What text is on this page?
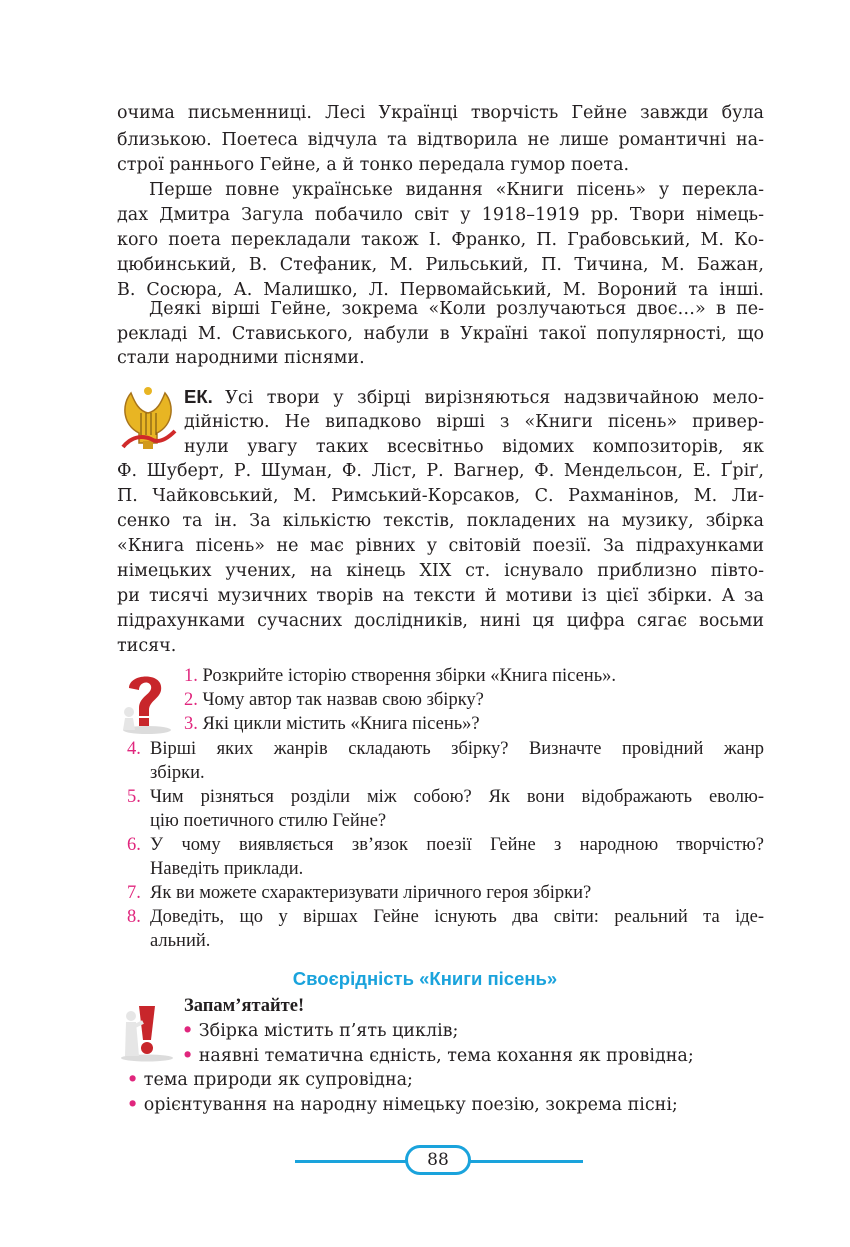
очима письменниці. Лесі Українці творчість Гейне завжди була
близькою. Поетеса відчула та відтворила не лише романтичні на-
строї раннього Гейне, а й тонко передала гумор поета.
Перше повне українське видання «Книги пісень» у переклa-
дах Дмитра Загула побачило світ у 1918–1919 рр. Твори німець-
кого поета перекладали також І. Франко, П. Грабовський, М. Ко-
цюбинський, В. Стефаник, М. Рильський, П. Тичина, М. Бажан,
В. Сосюра, А. Малишко, Л. Первомайський, М. Вороний та інші.
Деякі вірші Гейне, зокрема «Коли розлучаються двоє…» в пе-
рекладі М. Стависького, набули в Україні такої популярності, що
стали народними піснями.
ЕК. Усі твори у збірці вирізняються надзвичайною мело-
дійністю. Не випадково вірші з «Книги пісень» привер-
нули увагу таких всесвітньо відомих композиторів, як
Ф. Шуберт, Р. Шуман, Ф. Ліст, Р. Вагнер, Ф. Мендельсон, Е. Ґріґ,
П. Чайковський, М. Римський-Корсаков, С. Рахманінов, М. Ли-
сенко та ін. За кількістю текстів, покладених на музику, збірка
«Книга пісень» не має рівних у світовій поезії. За підрахунками
німецьких учених, на кінець ХІХ ст. існувало приблизно півто-
ри тисячі музичних творів на тексти й мотиви із цієї збірки. А за
підрахунками сучасних дослідників, нині ця цифра сягає восьми
тисяч.
1. Розкрийте історію створення збірки «Книга пісень».
2. Чому автор так назвав свою збірку?
3. Які цикли містить «Книга пісень»?
4. Вірші яких жанрів складають збірку? Визначте провідний жанр
збірки.
5. Чим різняться розділи між собою? Як вони відображають еволю-
цію поетичного стилю Гейне?
6. У чому виявляється зв’язок поезії Гейне з народною творчістю?
Наведіть приклади.
7. Як ви можете схарактеризувати ліричного героя збірки?
8. Доведіть, що у віршах Гейне існують два світи: реальний та іде-
альний.
Своєрідність «Книги пісень»
Запам’ятайте!
• Збірка містить п’ять циклів;
• наявні тематична єдність, тема кохання як провідна;
• тема природи як супровідна;
• орієнтування на народну німецьку поезію, зокрема пісні;
88
